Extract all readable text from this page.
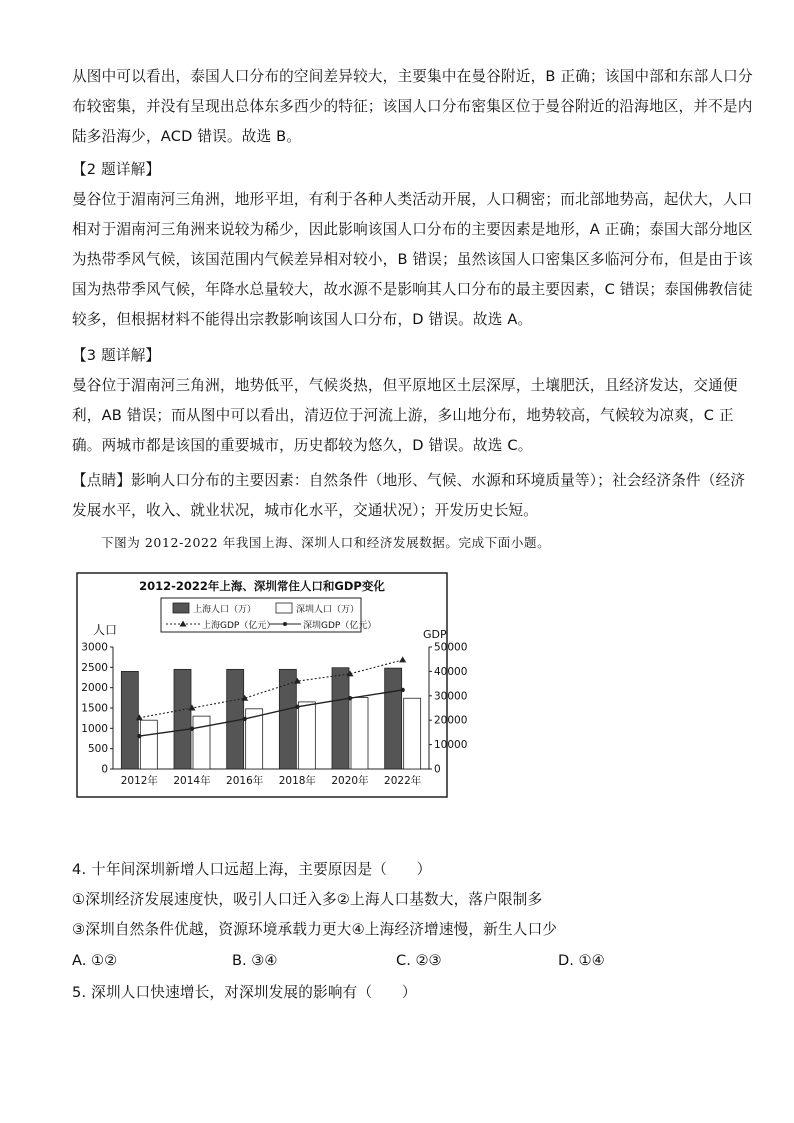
从图中可以看出，泰国人口分布的空间差异较大，主要集中在曼谷附近，B 正确；该国中部和东部人口分
布较密集，并没有呈现出总体东多西少的特征；该国人口分布密集区位于曼谷附近的沿海地区，并不是内
陆多沿海少，ACD 错误。故选 B。
【2 题详解】
曼谷位于湄南河三角洲，地形平坦，有利于各种人类活动开展，人口稠密；而北部地势高，起伏大，人口
相对于湄南河三角洲来说较为稀少，因此影响该国人口分布的主要因素是地形，A 正确；泰国大部分地区
为热带季风气候，该国范围内气候差异相对较小，B 错误；虽然该国人口密集区多临河分布，但是由于该
国为热带季风气候，年降水总量较大，故水源不是影响其人口分布的最主要因素，C 错误；泰国佛教信徒
较多，但根据材料不能得出宗教影响该国人口分布，D 错误。故选 A。
【3 题详解】
曼谷位于湄南河三角洲，地势低平，气候炎热，但平原地区土层深厚，土壤肥沃，且经济发达，交通便
利，AB 错误；而从图中可以看出，清迈位于河流上游，多山地分布，地势较高，气候较为凉爽，C 正
确。两城市都是该国的重要城市，历史都较为悠久，D 错误。故选 C。
【点睛】影响人口分布的主要因素：自然条件（地形、气候、水源和环境质量等）；社会经济条件（经济
发展水平，收入、就业状况，城市化水平，交通状况）；开发历史长短。
下图为 2012-2022 年我国上海、深圳人口和经济发展数据。完成下面小题。
2012-2022年上海、深圳常住人口和GDP变化
上海人口（万）	深圳人口（万）
上海GDP（亿元）	深圳GDP（亿元）
人口	GDP
0
500
1000
1500
2000
2500
3000
0
10000
20000
30000
40000
50000
2012年 2014年 2016年 2018年 2020年 2022年
4. 十年间深圳新增人口远超上海，主要原因是（　　）
①深圳经济发展速度快，吸引人口迁入多②上海人口基数大，落户限制多
③深圳自然条件优越，资源环境承载力更大④上海经济增速慢，新生人口少
A. ①②	B. ③④	C. ②③	D. ①④
5. 深圳人口快速增长，对深圳发展的影响有（　　）
